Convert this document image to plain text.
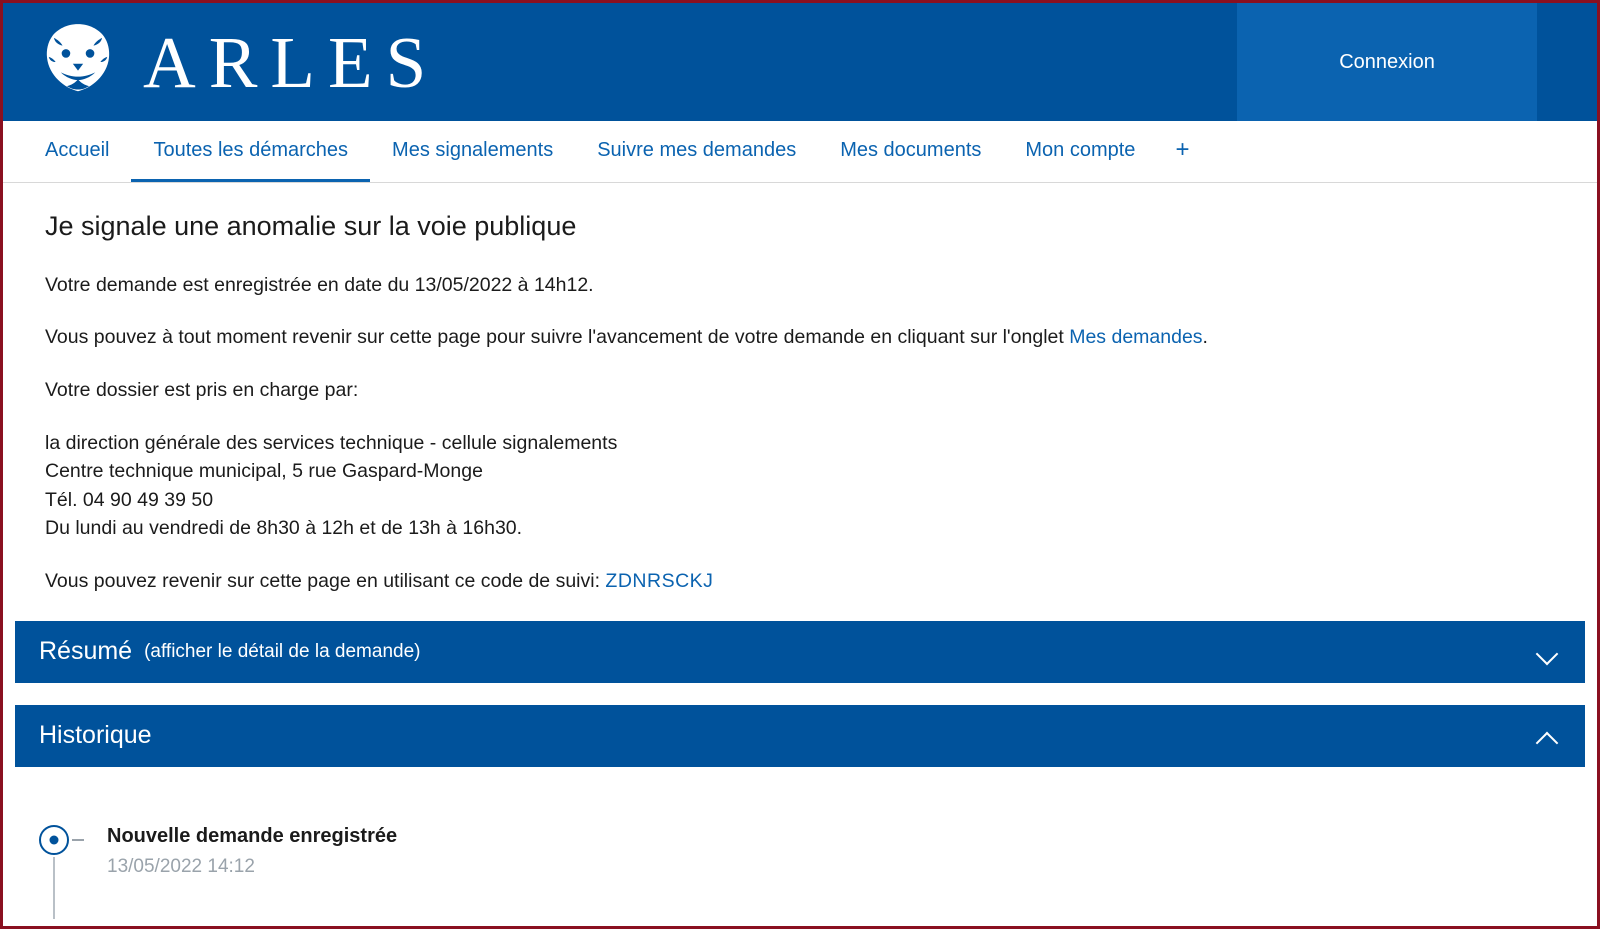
ARLES	Connexion
Accueil	Toutes les démarches	Mes signalements	Suivre mes demandes	Mes documents	Mon compte	+
Je signale une anomalie sur la voie publique

Votre demande est enregistrée en date du 13/05/2022 à 14h12.

Vous pouvez à tout moment revenir sur cette page pour suivre l'avancement de votre demande en cliquant sur l'onglet Mes demandes.

Votre dossier est pris en charge par:

la direction générale des services technique - cellule signalements
Centre technique municipal, 5 rue Gaspard-Monge
Tél. 04 90 49 39 50
Du lundi au vendredi de 8h30 à 12h et de 13h à 16h30.

Vous pouvez revenir sur cette page en utilisant ce code de suivi: ZDNRSCKJ

Résumé (afficher le détail de la demande)
Historique
Nouvelle demande enregistrée
13/05/2022 14:12
